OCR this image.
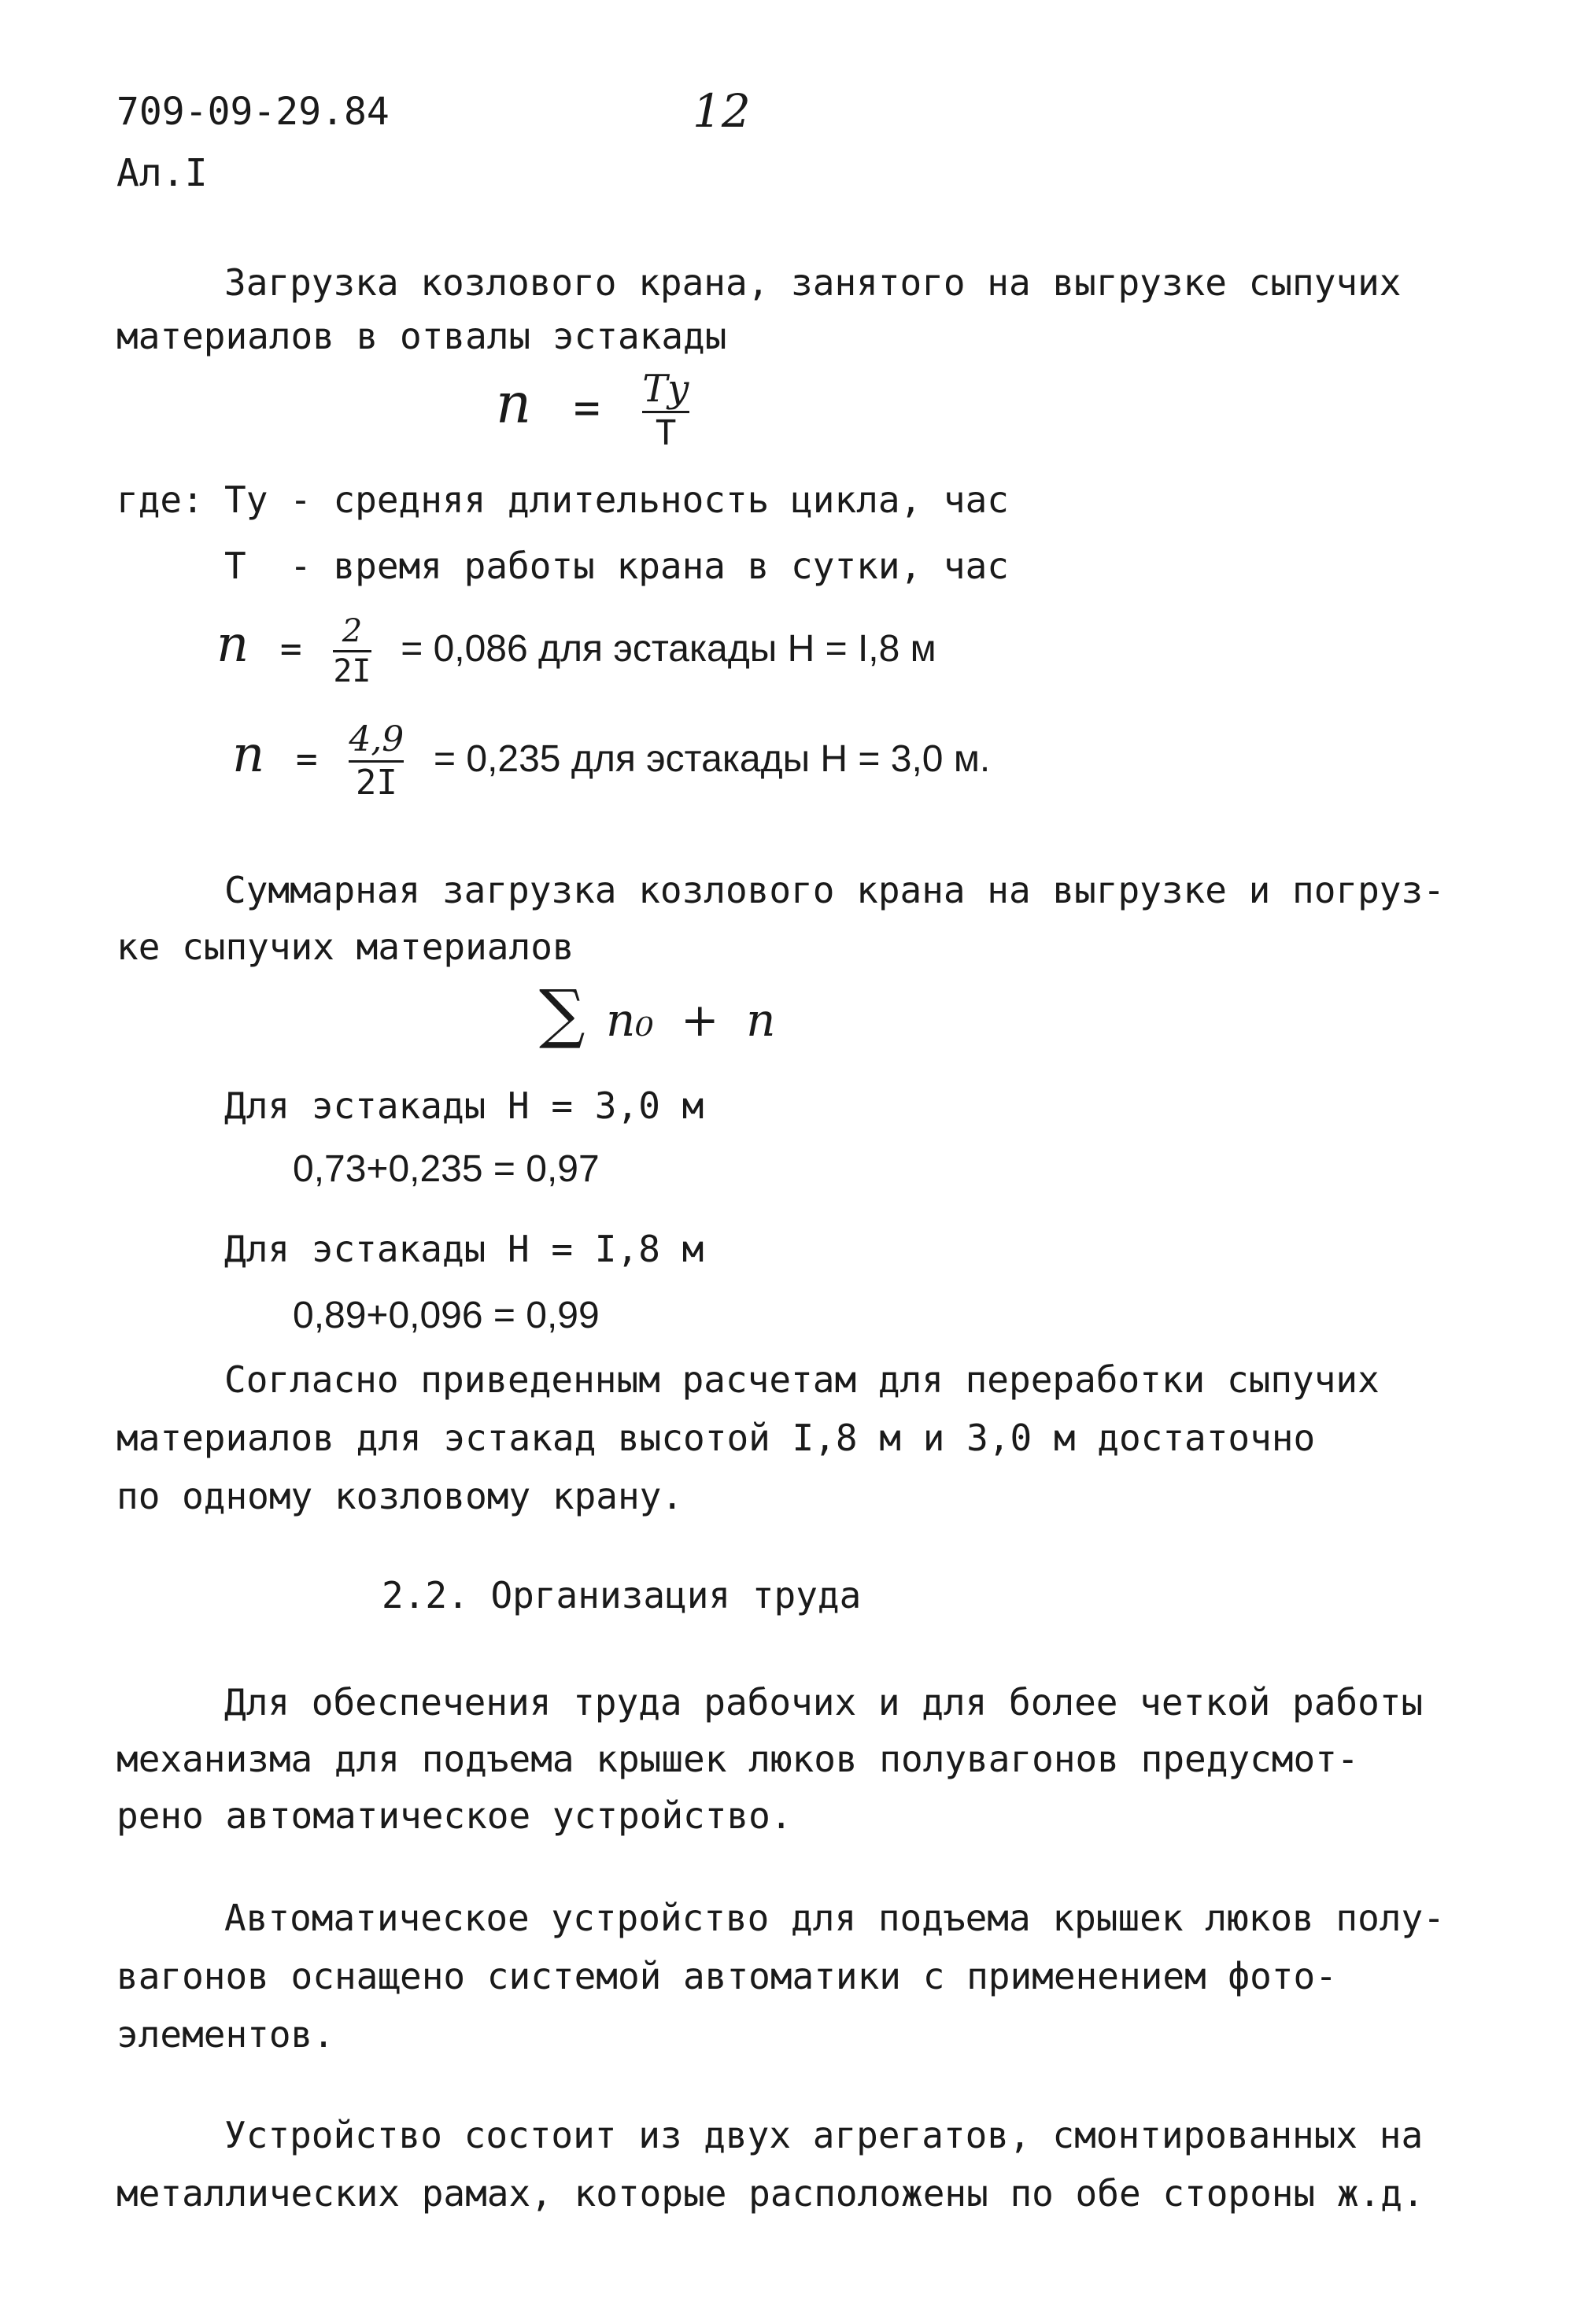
709-09-29.84	12
Ал.I
Загрузка козлового крана, занятого на выгрузке сыпучих
материалов в отвалы эстакады
$n = \frac{Ту}{Т}$
где: Ту - средняя длительность цикла, час
Т  - время работы крана в сутки, час
$n = \frac{2}{2I} = 0,086$ для эстакады Н = I,8 м
$n = \frac{4,9}{2I} = 0,235$ для эстакады Н = 3,0 м.
Суммарная загрузка козлового крана на выгрузке и погруз-
ке сыпучих материалов
∑ n₀ + n
Для эстакады Н = 3,0 м
0,73+0,235 = 0,97
Для эстакады Н = I,8 м
0,89+0,096 = 0,99
Согласно приведенным расчетам для переработки сыпучих
материалов для эстакад высотой I,8 м и 3,0 м достаточно
по одному козловому крану.
2.2. Организация труда
Для обеспечения труда рабочих и для более четкой работы
механизма для подъема крышек люков полувагонов предусмот-
рено автоматическое устройство.
Автоматическое устройство для подъема крышек люков полу-
вагонов оснащено системой автоматики с применением фото-
элементов.
Устройство состоит из двух агрегатов, смонтированных на
металлических рамах, которые расположены по обе стороны ж.д.
